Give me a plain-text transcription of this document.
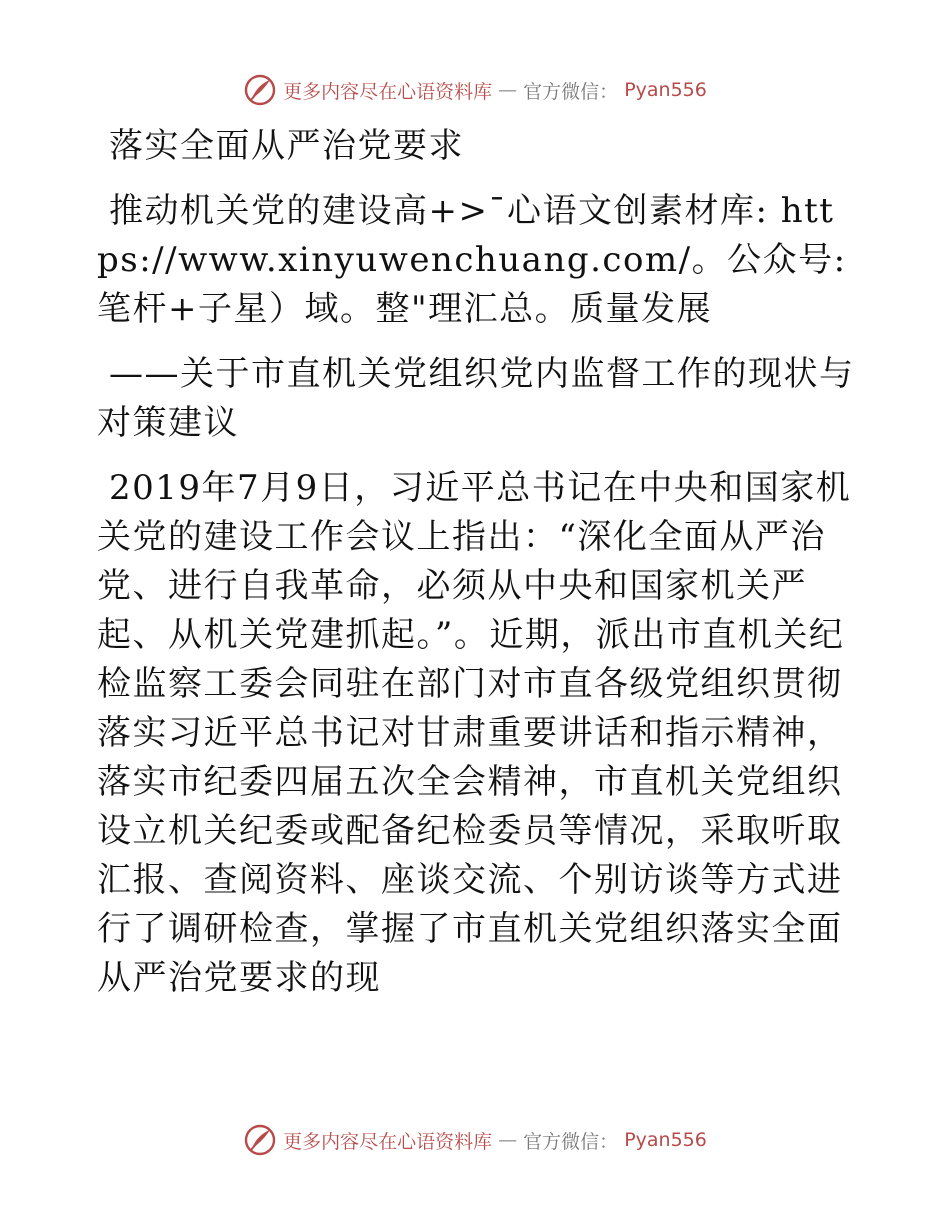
更多内容尽在心语资料库 — 官方微信： Pyan556

落实全面从严治党要求

推动机关党的建设高+>¯心语文创素材库: https://www.xinyuwenchuang.com/。公众号: 笔杆+子星）域。整"理汇总。质量发展

——关于市直机关党组织党内监督工作的现状与对策建议

2019年7月9日，习近平总书记在中央和国家机关党的建设工作会议上指出：“深化全面从严治党、进行自我革命，必须从中央和国家机关严起、从机关党建抓起。”。近期，派出市直机关纪检监察工委会同驻在部门对市直各级党组织贯彻落实习近平总书记对甘肃重要讲话和指示精神，落实市纪委四届五次全会精神，市直机关党组织设立机关纪委或配备纪检委员等情况，采取听取汇报、查阅资料、座谈交流、个别访谈等方式进行了调研检查，掌握了市直机关党组织落实全面从严治党要求的现

更多内容尽在心语资料库 — 官方微信： Pyan556
